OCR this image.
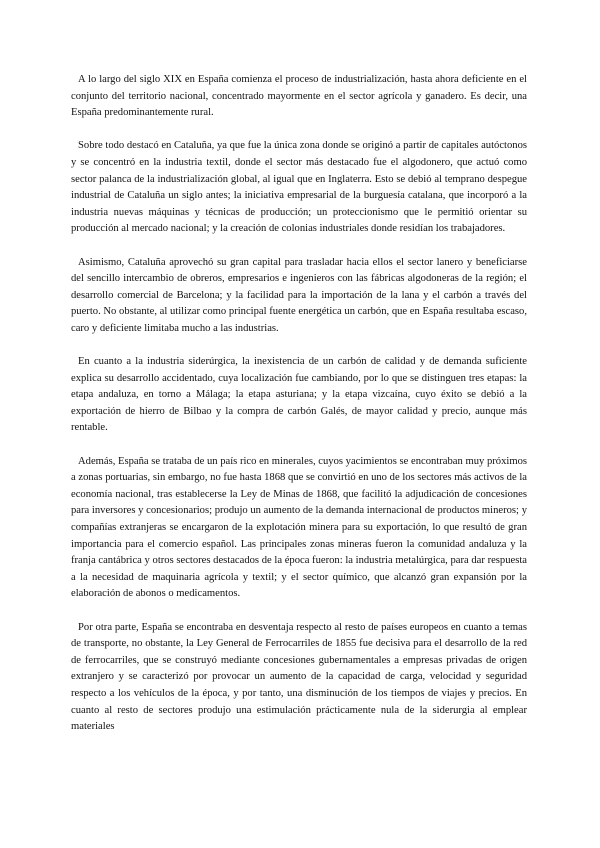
A lo largo del siglo XIX en España comienza el proceso de industrialización, hasta ahora deficiente en el conjunto del territorio nacional, concentrado mayormente en el sector agrícola y ganadero. Es decir, una España predominantemente rural.

Sobre todo destacó en Cataluña, ya que fue la única zona donde se originó a partir de capitales autóctonos y se concentró en la industria textil, donde el sector más destacado fue el algodonero, que actuó como sector palanca de la industrialización global, al igual que en Inglaterra. Esto se debió al temprano despegue industrial de Cataluña un siglo antes; la iniciativa empresarial de la burguesía catalana, que incorporó a la industria nuevas máquinas y técnicas de producción; un proteccionismo que le permitió orientar su producción al mercado nacional; y la creación de colonias industriales donde residían los trabajadores.

Asimismo, Cataluña aprovechó su gran capital para trasladar hacia ellos el sector lanero y beneficiarse del sencillo intercambio de obreros, empresarios e ingenieros con las fábricas algodoneras de la región; el desarrollo comercial de Barcelona; y la facilidad para la importación de la lana y el carbón a través del puerto. No obstante, al utilizar como principal fuente energética un carbón, que en España resultaba escaso, caro y deficiente limitaba mucho a las industrias.

En cuanto a la industria siderúrgica, la inexistencia de un carbón de calidad y de demanda suficiente explica su desarrollo accidentado, cuya localización fue cambiando, por lo que se distinguen tres etapas: la etapa andaluza, en torno a Málaga; la etapa asturiana; y la etapa vizcaína, cuyo éxito se debió a la exportación de hierro de Bilbao y la compra de carbón Galés, de mayor calidad y precio, aunque más rentable.

Además, España se trataba de un país rico en minerales, cuyos yacimientos se encontraban muy próximos a zonas portuarias, sin embargo, no fue hasta 1868 que se convirtió en uno de los sectores más activos de la economía nacional, tras establecerse la Ley de Minas de 1868, que facilitó la adjudicación de concesiones para inversores y concesionarios; produjo un aumento de la demanda internacional de productos mineros; y compañías extranjeras se encargaron de la explotación minera para su exportación, lo que resultó de gran importancia para el comercio español. Las principales zonas mineras fueron la comunidad andaluza y la franja cantábrica y otros sectores destacados de la época fueron: la industria metalúrgica, para dar respuesta a la necesidad de maquinaria agrícola y textil; y el sector químico, que alcanzó gran expansión por la elaboración de abonos o medicamentos.

Por otra parte, España se encontraba en desventaja respecto al resto de países europeos en cuanto a temas de transporte, no obstante, la Ley General de Ferrocarriles de 1855 fue decisiva para el desarrollo de la red de ferrocarriles, que se construyó mediante concesiones gubernamentales a empresas privadas de origen extranjero y se caracterizó por provocar un aumento de la capacidad de carga, velocidad y seguridad respecto a los vehículos de la época, y por tanto, una disminución de los tiempos de viajes y precios. En cuanto al resto de sectores produjo una estimulación prácticamente nula de la siderurgia al emplear materiales
